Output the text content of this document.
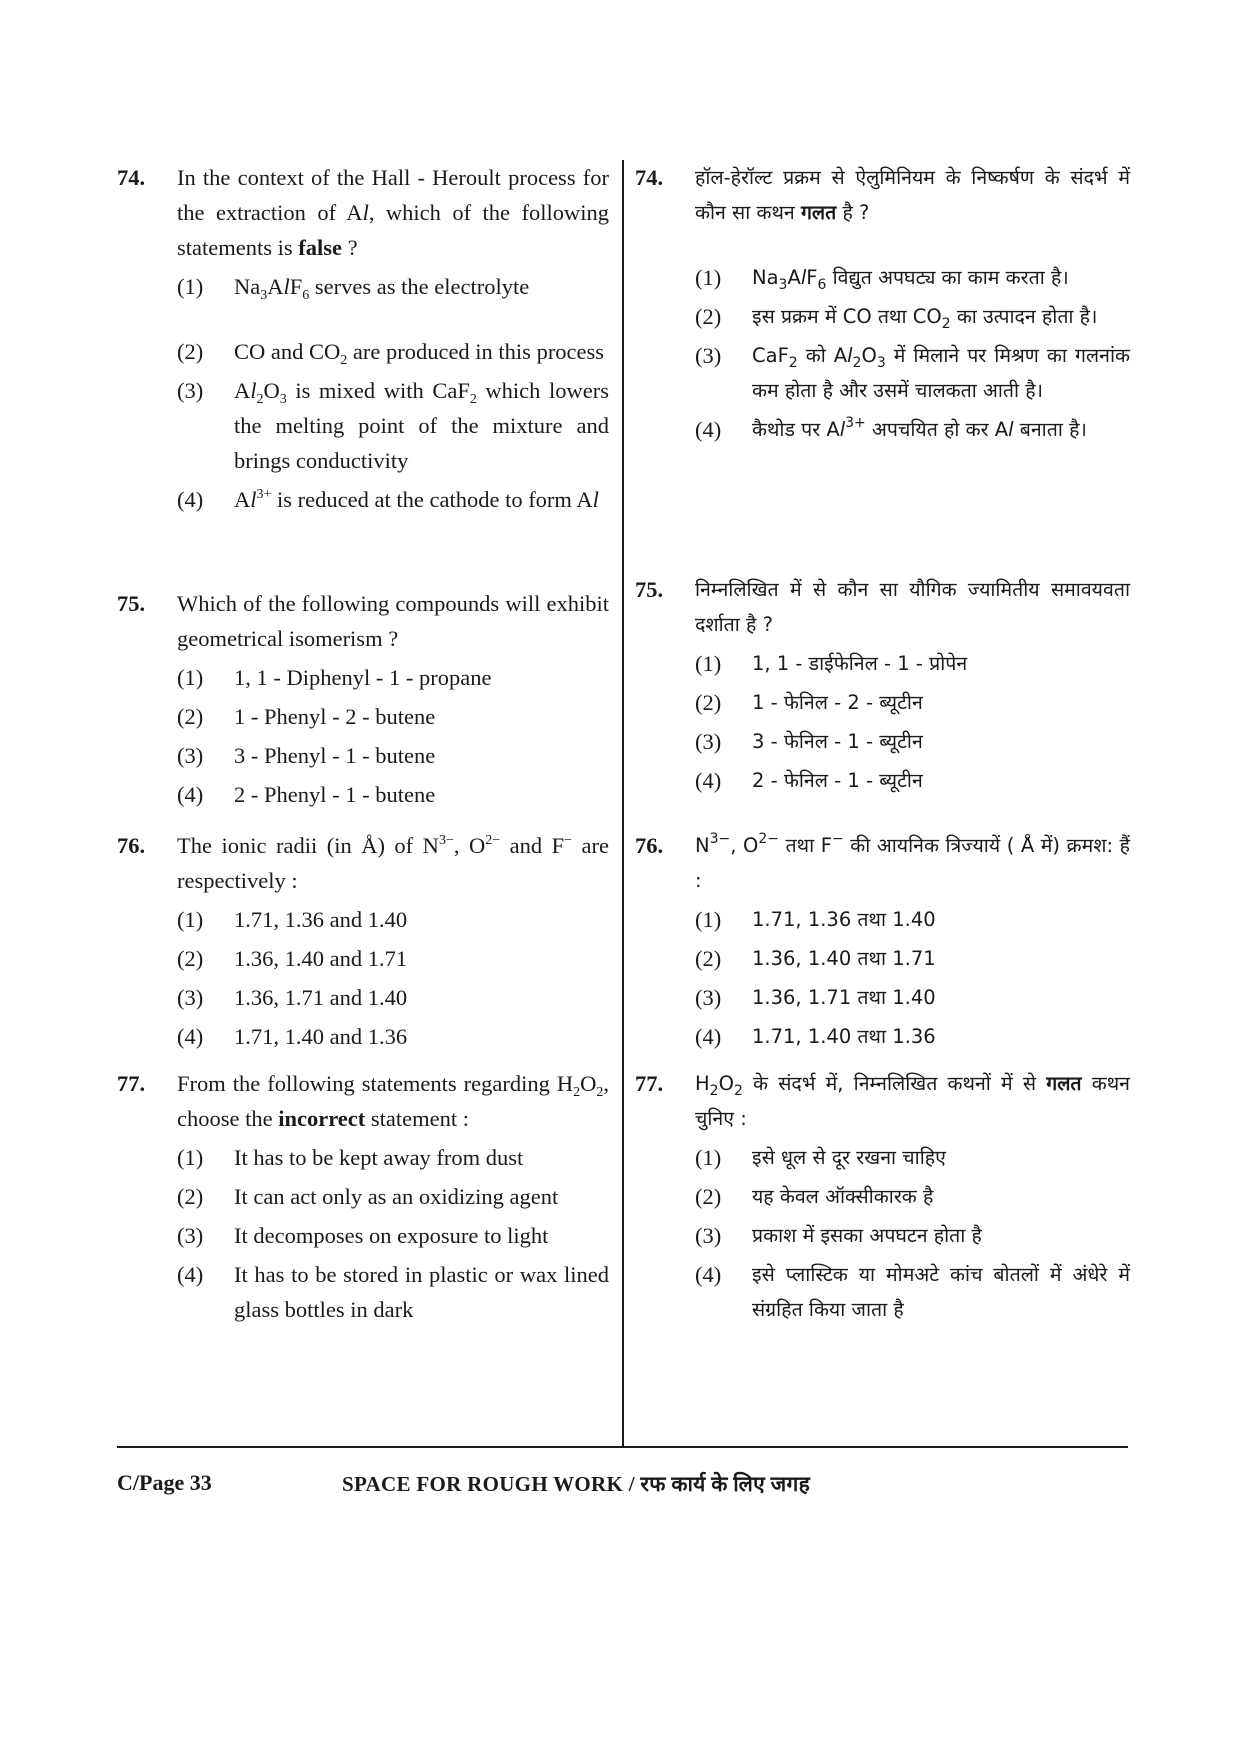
74. In the context of the Hall - Heroult process for the extraction of Al, which of the following statements is false ?
(1) $Na_3AlF_6$ serves as the electrolyte
(2) CO and $CO_2$ are produced in this process
(3) $Al_2O_3$ is mixed with CaF$_2$ which lowers the melting point of the mixture and brings conductivity
(4) $Al^{3+}$ is reduced at the cathode to form Al
75. Which of the following compounds will exhibit geometrical isomerism ?
(1) 1, 1 - Diphenyl - 1 - propane
(2) 1 - Phenyl - 2 - butene
(3) 3 - Phenyl - 1 - butene
(4) 2 - Phenyl - 1 - butene
76. The ionic radii (in Å) of $N^{3-}$, $O^{2-}$ and F− are respectively :
(1) 1.71, 1.36 and 1.40
(2) 1.36, 1.40 and 1.71
(3) 1.36, 1.71 and 1.40
(4) 1.71, 1.40 and 1.36
77. From the following statements regarding $H_2O_2$, choose the incorrect statement :
(1) It has to be kept away from dust
(2) It can act only as an oxidizing agent
(3) It decomposes on exposure to light
(4) It has to be stored in plastic or wax lined glass bottles in dark
74. हॉल-हेरॉल्ट प्रक्रम से ऐलुमिनियम के निष्कर्षण के संदर्भ में कौन सा कथन गलत है ?
(1) $Na_3AlF_6$ विद्युत अपघट्य का काम करता है।
(2) इस प्रक्रम में CO तथा $CO_2$ का उत्पादन होता है।
(3) CaF$_2$ को $Al_2O_3$ में मिलाने पर मिश्रण का गलनांक कम होता है और उसमें चालकता आती है।
(4) कैथोड पर $Al^{3+}$ अपचयित हो कर Al बनाता है।
75. निम्नलिखित में से कौन सा यौगिक ज्यामितीय समावयवता दर्शाता है ?
(1) 1, 1 - डाईफेनिल - 1 - प्रोपेन
(2) 1 - फेनिल - 2 - ब्यूटीन
(3) 3 - फेनिल - 1 - ब्यूटीन
(4) 2 - फेनिल - 1 - ब्यूटीन
76. $N^{3-}$, $O^{2-}$ तथा F− की आयनिक त्रिज्यायें ( Å में) क्रमश: हैं :
(1) 1.71, 1.36 तथा 1.40
(2) 1.36, 1.40 तथा 1.71
(3) 1.36, 1.71 तथा 1.40
(4) 1.71, 1.40 तथा 1.36
77. $H_2O_2$ के संदर्भ में, निम्नलिखित कथनों में से गलत कथन चुनिए :
(1) इसे धूल से दूर रखना चाहिए
(2) यह केवल ऑक्सीकारक है
(3) प्रकाश में इसका अपघटन होता है
(4) इसे प्लास्टिक या मोमअटे कांच बोतलों में अंधेरे में संग्रहित किया जाता है
C/Page 33	SPACE FOR ROUGH WORK / रफ कार्य के लिए जगह
